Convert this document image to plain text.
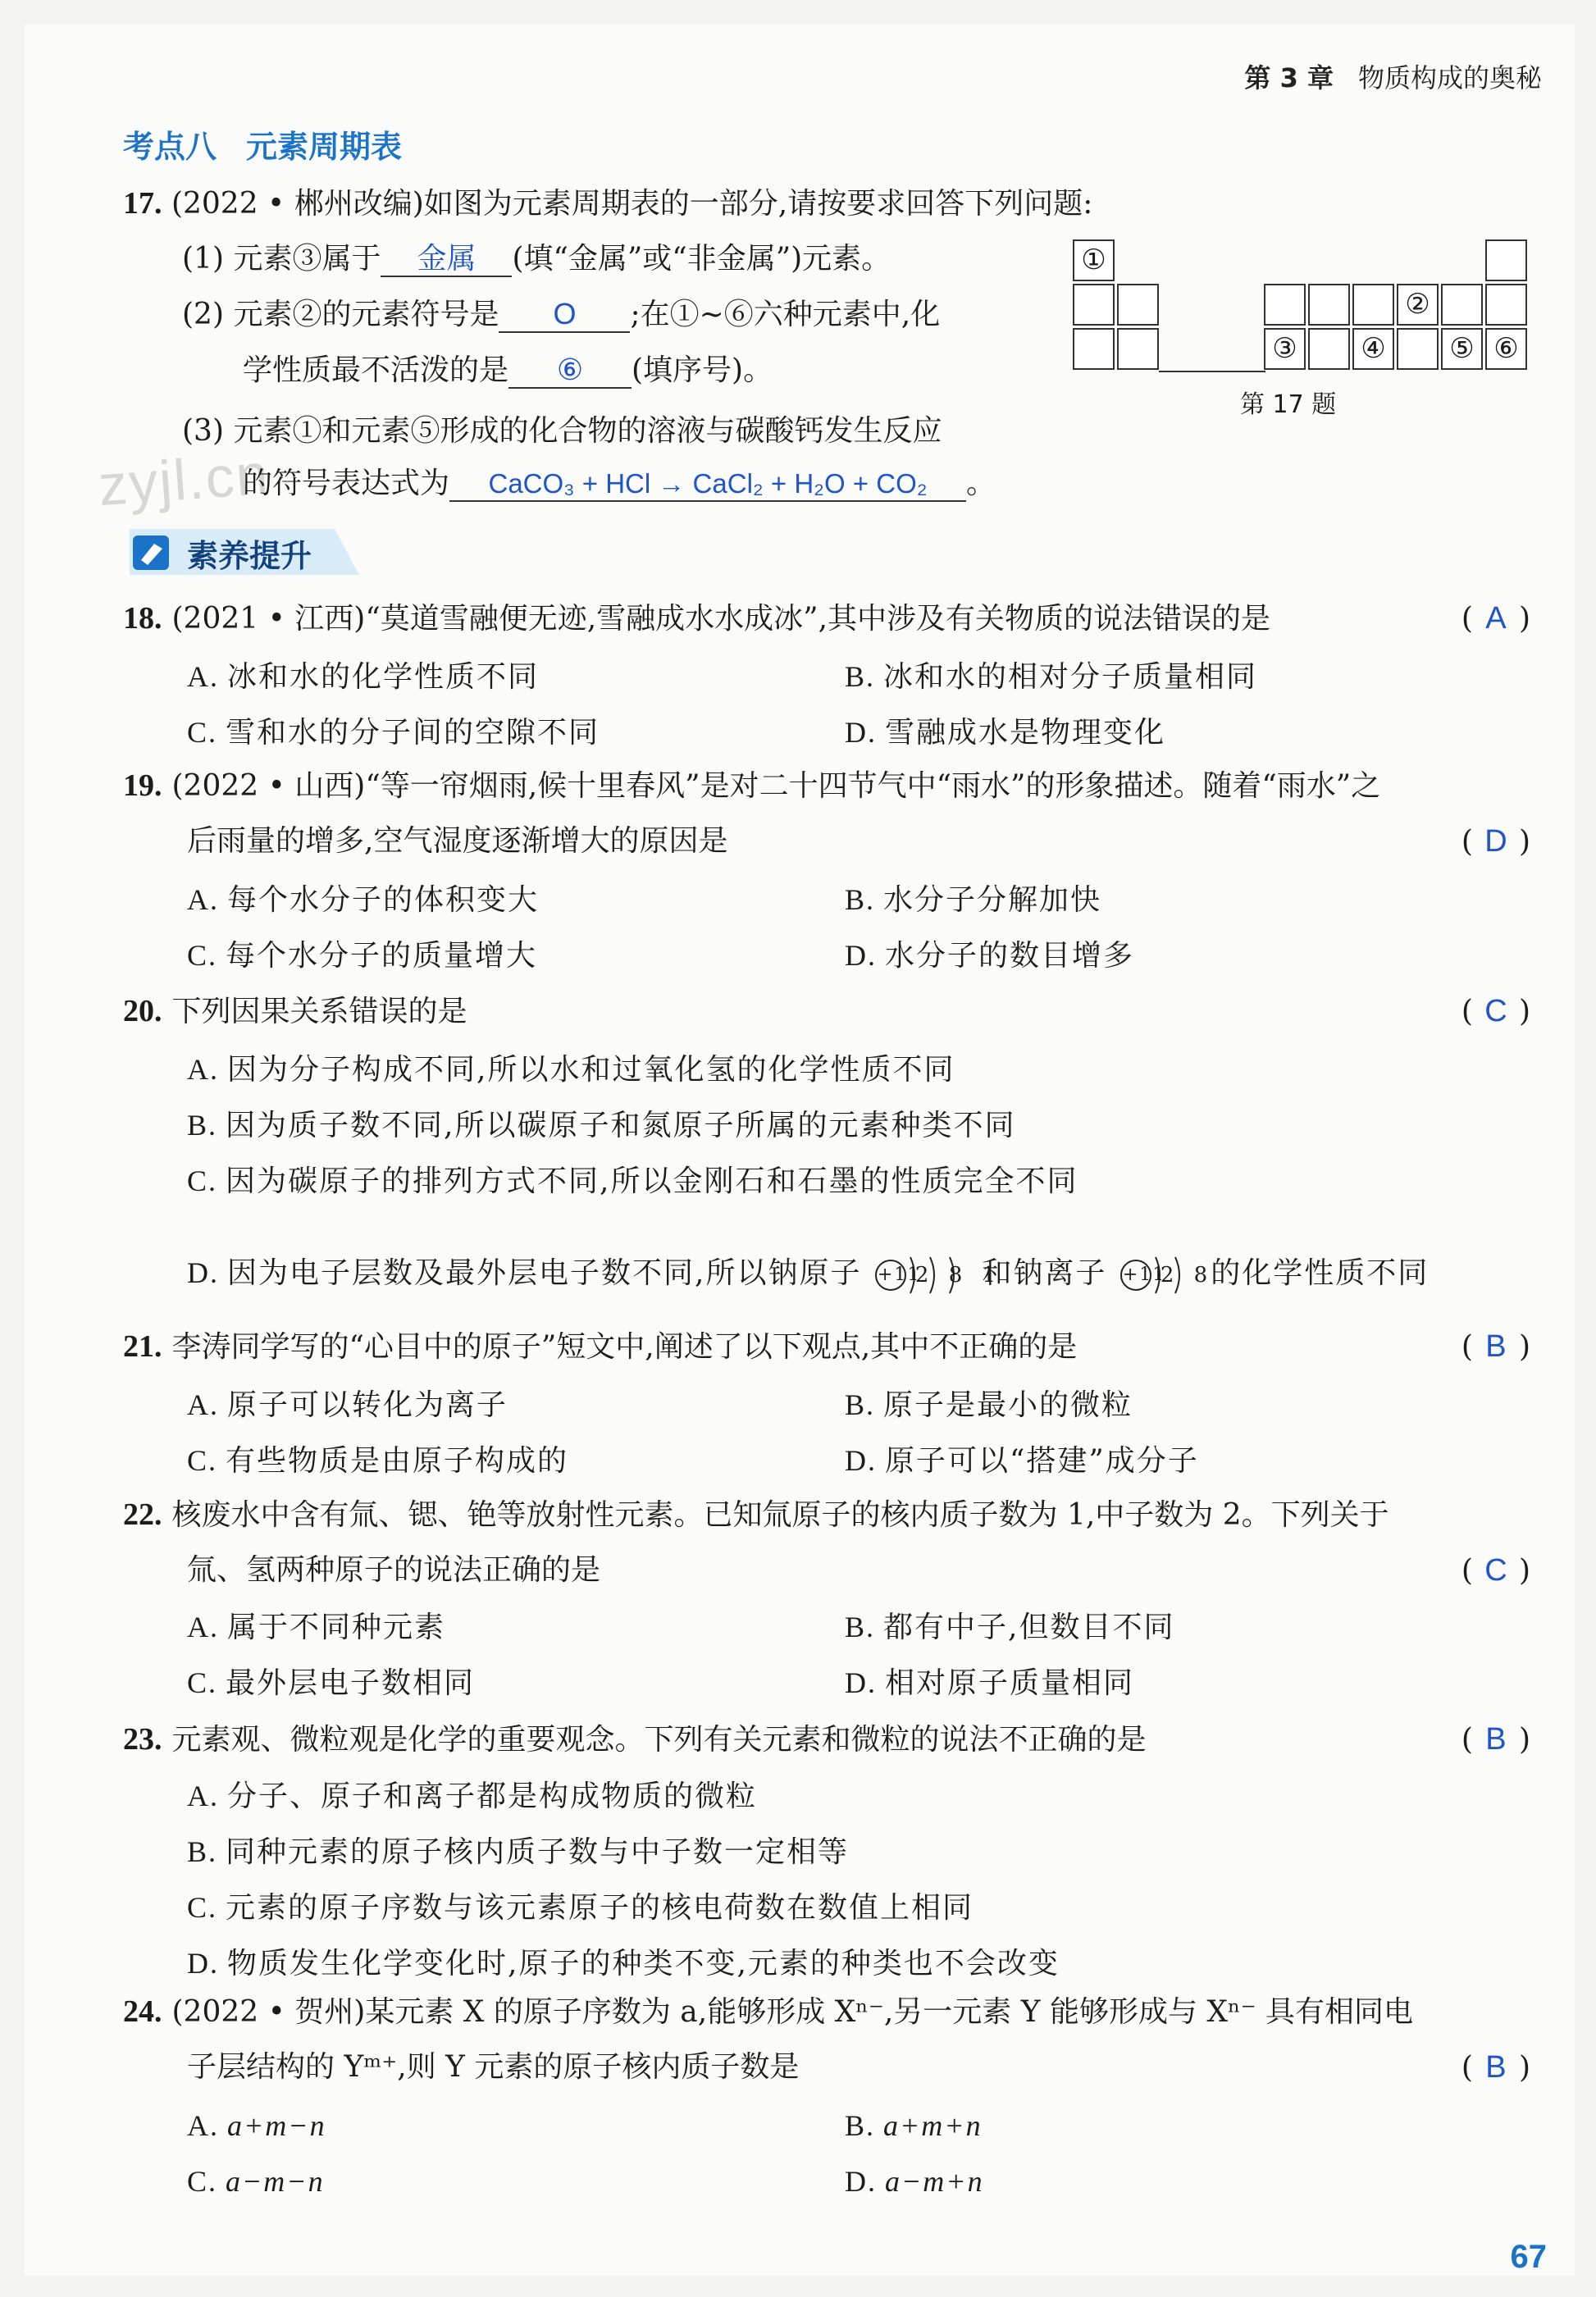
第 3 章 物质构成的奥秘
考点八 元素周期表
zyjl.cn
17. (2022 • 郴州改编)如图为元素周期表的一部分,请按要求回答下列问题:
(1) 元素③属于 金属 (填“金属”或“非金属”)元素。
(2) 元素②的元素符号是 O ;在①~⑥六种元素中,化
学性质最不活泼的是 ⑥ (填序号)。
(3) 元素①和元素⑤形成的化合物的溶液与碳酸钙发生反应
的符号表达式为 CaCO₃ + HCl → CaCl₂ + H₂O + CO₂ 。
①
②
③	④	⑤ ⑥
第 17 题
素养提升
18. (2021 • 江西)“莫道雪融便无迹,雪融成水水成冰”,其中涉及有关物质的说法错误的是	( A )
A. 冰和水的化学性质不同	B. 冰和水的相对分子质量相同
C. 雪和水的分子间的空隙不同	D. 雪融成水是物理变化
19. (2022 • 山西)“等一帘烟雨,候十里春风”是对二十四节气中“雨水”的形象描述。随着“雨水”之
后雨量的增多,空气湿度逐渐增大的原因是	( D )
A. 每个水分子的体积变大	B. 水分子分解加快
C. 每个水分子的质量增大	D. 水分子的数目增多
20. 下列因果关系错误的是	( C )
A. 因为分子构成不同,所以水和过氧化氢的化学性质不同
B. 因为质子数不同,所以碳原子和氮原子所属的元素种类不同
C. 因为碳原子的排列方式不同,所以金刚石和石墨的性质完全不同
21. 李涛同学写的“心目中的原子”短文中,阐述了以下观点,其中不正确的是	( B )
A. 原子可以转化为离子	B. 原子是最小的微粒
C. 有些物质是由原子构成的	D. 原子可以“搭建”成分子
22. 核废水中含有氚、锶、铯等放射性元素。已知氚原子的核内质子数为 1,中子数为 2。下列关于
氚、氢两种原子的说法正确的是	( C )
A. 属于不同种元素	B. 都有中子,但数目不同
C. 最外层电子数相同	D. 相对原子质量相同
23. 元素观、微粒观是化学的重要观念。下列有关元素和微粒的说法不正确的是	( B )
A. 分子、原子和离子都是构成物质的微粒
B. 同种元素的原子核内质子数与中子数一定相等
C. 元素的原子序数与该元素原子的核电荷数在数值上相同
D. 物质发生化学变化时,原子的种类不变,元素的种类也不会改变
24. (2022 • 贺州)某元素 X 的原子序数为 a,能够形成 Xⁿ⁻,另一元素 Y 能够形成与 Xⁿ⁻ 具有相同电
子层结构的 Yᵐ⁺,则 Y 元素的原子核内质子数是	( B )
A. a+m−n	B. a+m+n
C. a−m−n	D. a−m+n
D. 因为电子层数及最外层电子数不同,所以钠原子 +11
2 8 1
和钠离子 +11
2 8
的化学性质不同
67
